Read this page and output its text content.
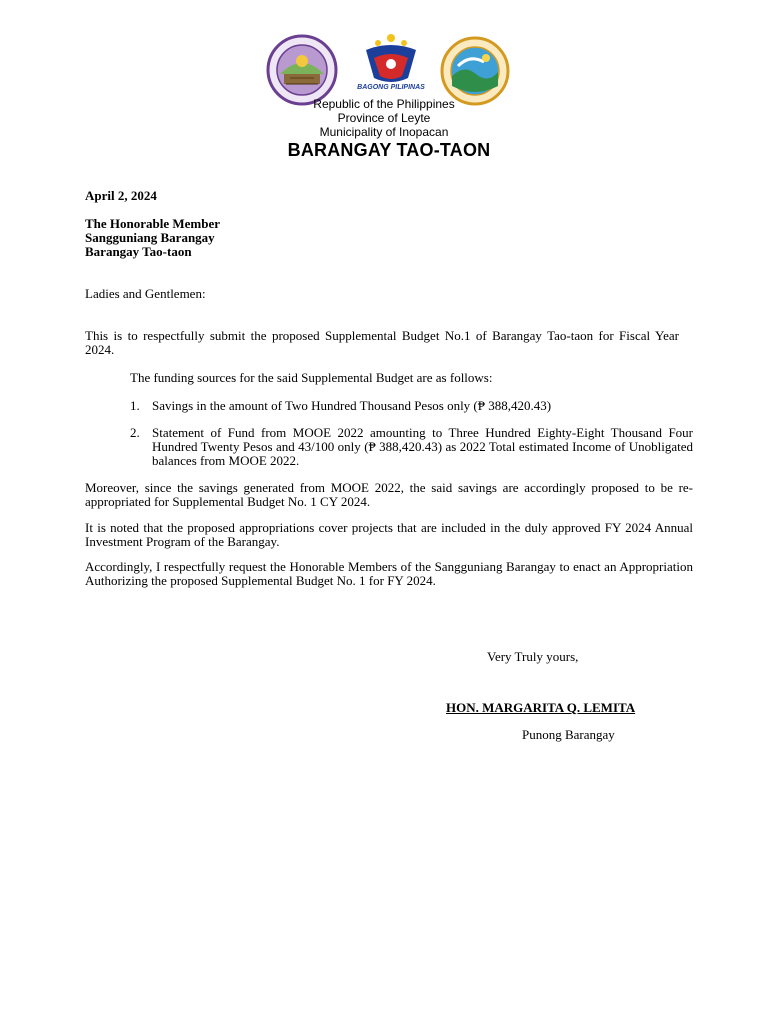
BAGONG PILIPINAS
Republic of the Philippines
Province of Leyte
Municipality of Inopacan
BARANGAY TAO-TAON
April 2, 2024
The Honorable Member
Sangguniang Barangay
Barangay Tao-taon
Ladies and Gentlemen:
This is to respectfully submit the proposed Supplemental Budget No.1 of Barangay Tao-taon for Fiscal Year 2024.
The funding sources for the said Supplemental Budget are as follows:
1. Savings in the amount of Two Hundred Thousand Pesos only (₱ 388,420.43)
2. Statement of Fund from MOOE 2022 amounting to Three Hundred Eighty-Eight Thousand Four Hundred Twenty Pesos and 43/100 only (₱ 388,420.43) as 2022 Total estimated Income of Unobligated balances from MOOE 2022.
Moreover, since the savings generated from MOOE 2022, the said savings are accordingly proposed to be re-appropriated for Supplemental Budget No. 1 CY 2024.
It is noted that the proposed appropriations cover projects that are included in the duly approved FY 2024 Annual Investment Program of the Barangay.
Accordingly, I respectfully request the Honorable Members of the Sangguniang Barangay to enact an Appropriation Authorizing the proposed Supplemental Budget No. 1 for FY 2024.
Very Truly yours,
HON. MARGARITA Q. LEMITA
Punong Barangay
